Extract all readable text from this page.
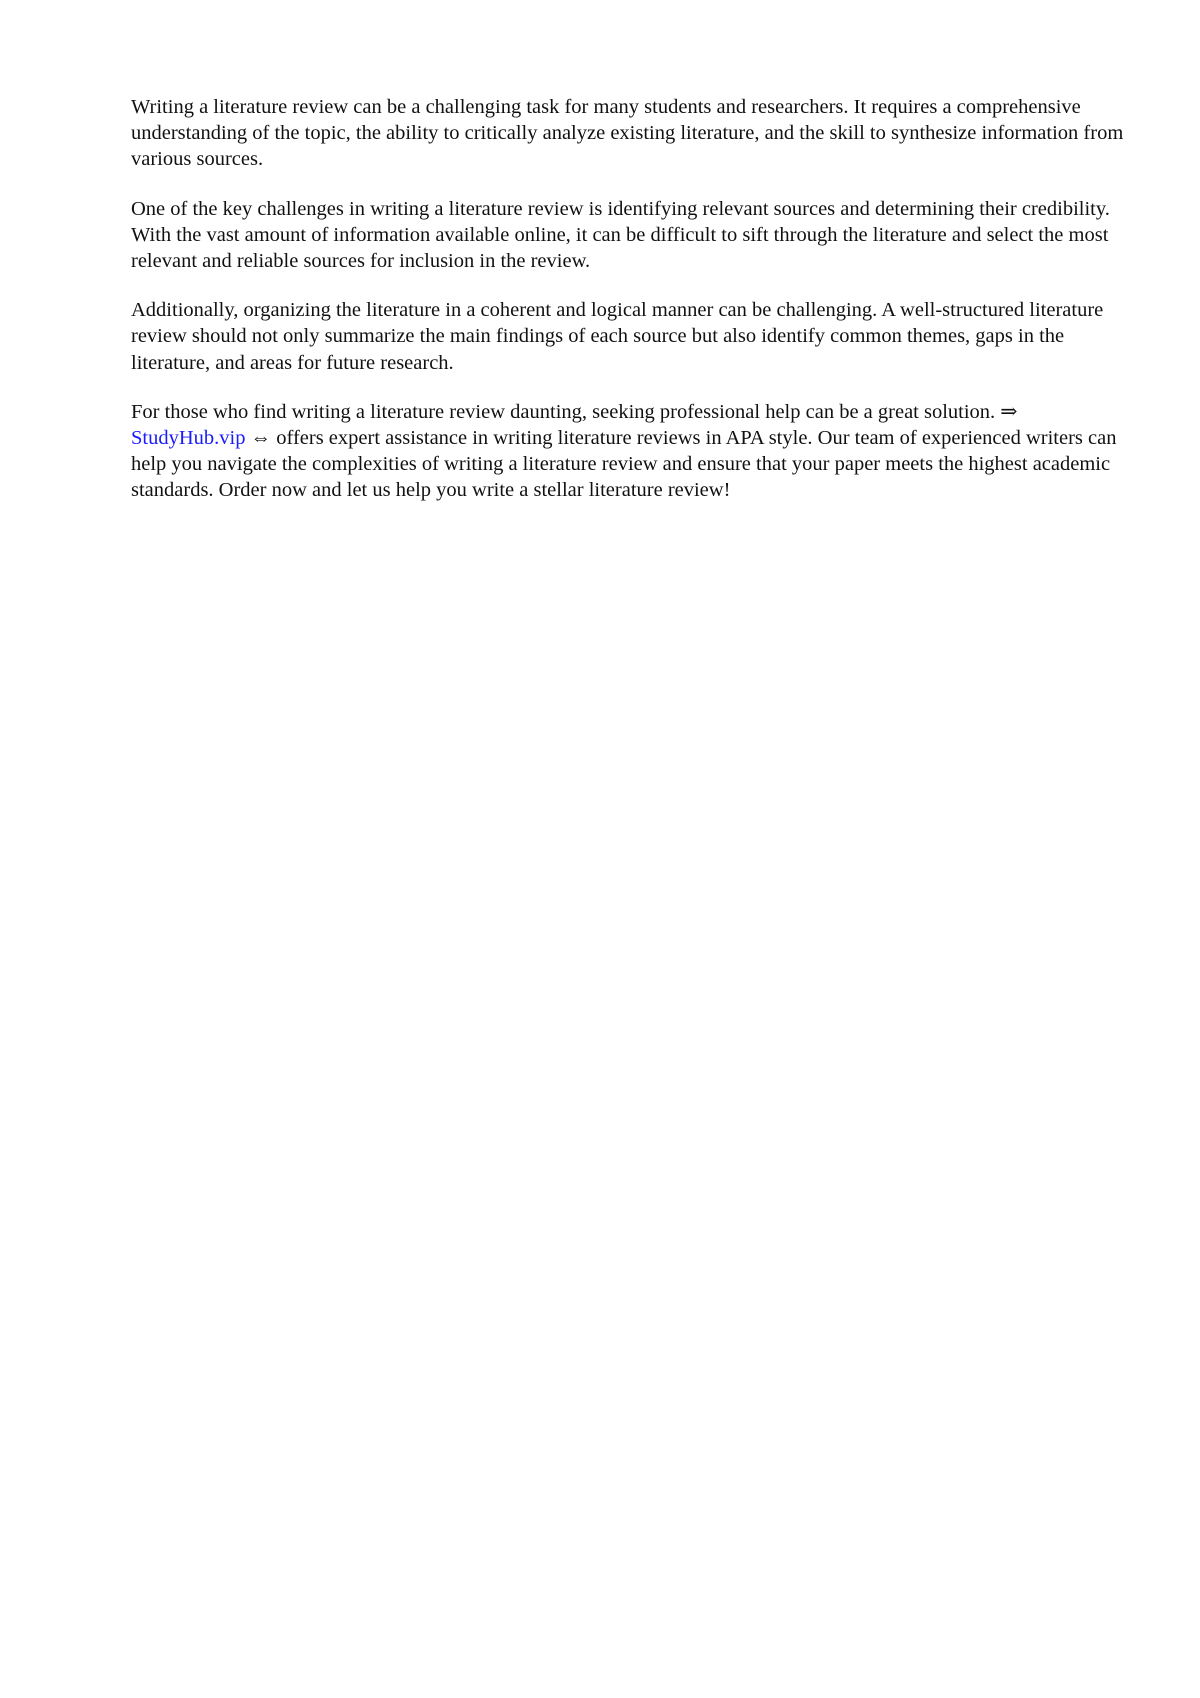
Writing a literature review can be a challenging task for many students and researchers. It requires a comprehensive understanding of the topic, the ability to critically analyze existing literature, and the skill to synthesize information from various sources.

One of the key challenges in writing a literature review is identifying relevant sources and determining their credibility. With the vast amount of information available online, it can be difficult to sift through the literature and select the most relevant and reliable sources for inclusion in the review.

Additionally, organizing the literature in a coherent and logical manner can be challenging. A well-structured literature review should not only summarize the main findings of each source but also identify common themes, gaps in the literature, and areas for future research.

For those who find writing a literature review daunting, seeking professional help can be a great solution. ⇒ StudyHub.vip ⇔ offers expert assistance in writing literature reviews in APA style. Our team of experienced writers can help you navigate the complexities of writing a literature review and ensure that your paper meets the highest academic standards. Order now and let us help you write a stellar literature review!
